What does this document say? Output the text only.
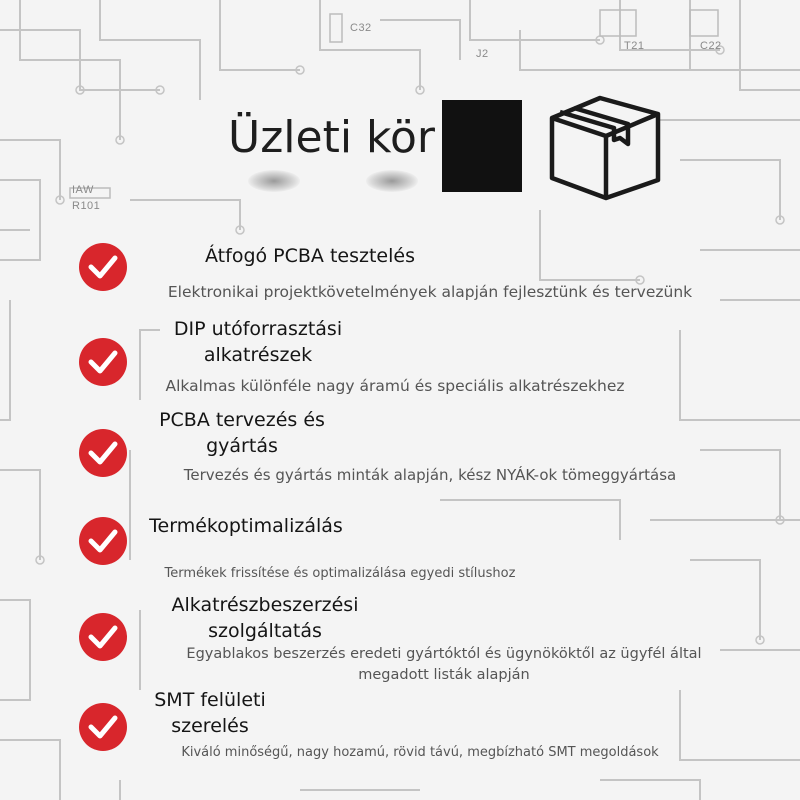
C32
J2
T21	C22
IAW
R101
Üzleti kör
Átfogó PCBA tesztelés
DIP utóforrasztási alkatrészek
PCBA tervezés és gyártás
Termékoptimalizálás
Alkatrészbeszerzési szolgáltatás
SMT felületi szerelés
Elektronikai projektkövetelmények alapján fejlesztünk és tervezünk
Alkalmas különféle nagy áramú és speciális alkatrészekhez
Tervezés és gyártás minták alapján, kész NYÁK-ok tömeggyártása
Termékek frissítése és optimalizálása egyedi stílushoz
Egyablakos beszerzés eredeti gyártóktól és ügynököktől az ügyfél által megadott listák alapján
Kiváló minőségű, nagy hozamú, rövid távú, megbízható SMT megoldások
